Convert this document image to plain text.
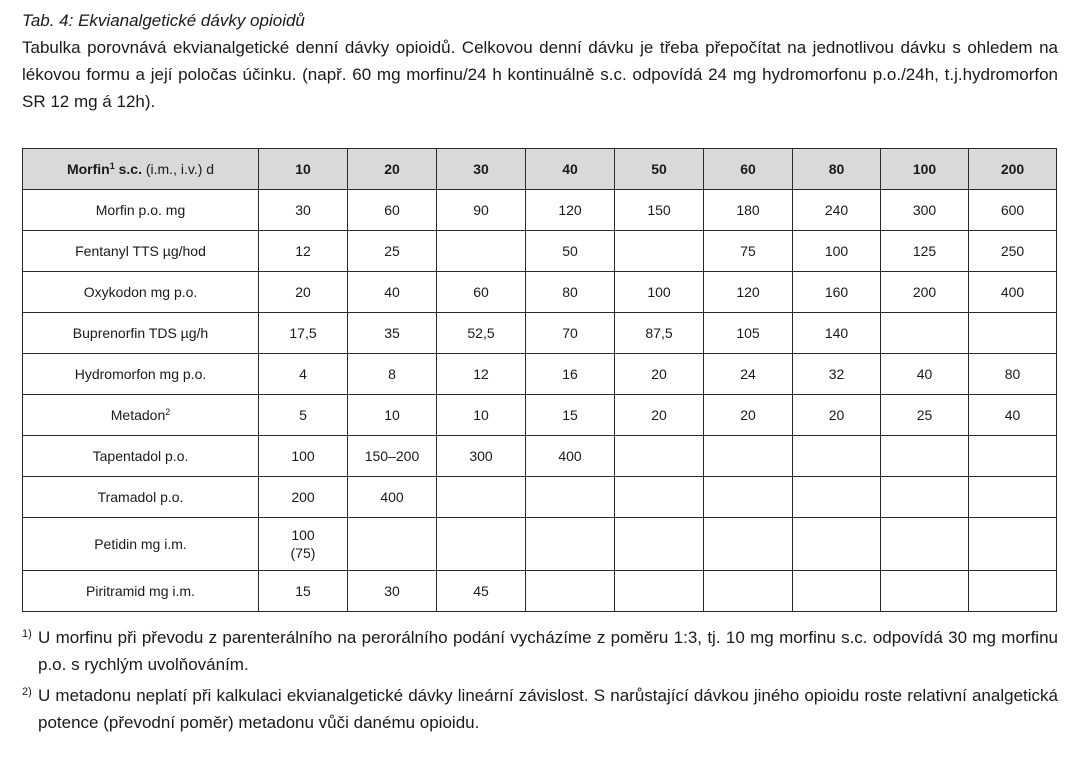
Tab. 4: Ekvianalgetické dávky opioidů

Tabulka porovnává ekvianalgetické denní dávky opioidů. Celkovou denní dávku je třeba přepočítat na jednotlivou dávku s ohledem na lékovou formu a její poločas účinku. (např. 60 mg morfinu/24 h kontinuálně s.c. odpovídá 24 mg hydromorfonu p.o./24h, t.j.hydromorfon SR 12 mg á 12h).

Morfin$^1$ s.c. (i.m., i.v.) d	10	20	30	40	50	60	80	100	200
Morfin p.o. mg	30	60	90	120	150	180	240	300	600
Fentanyl TTS µg/hod	12	25		50		75	100	125	250
Oxykodon mg p.o.	20	40	60	80	100	120	160	200	400
Buprenorfin TDS µg/h	17,5	35	52,5	70	87,5	105	140		
Hydromorfon mg p.o.	4	8	12	16	20	24	32	40	80
Metadon$^2$	5	10	10	15	20	20	20	25	40
Tapentadol p.o.	100	150–200	300	400					
Tramadol p.o.	200	400							
Petidin mg i.m.	100
(75)								
Piritramid mg i.m.	15	30	45						
1) U morfinu při převodu z parenterálního na perorálního podání vycházíme z poměru 1:3, tj. 10 mg morfinu s.c. odpovídá 30 mg morfinu p.o. s rychlým uvolňováním.
2) U metadonu neplatí při kalkulaci ekvianalgetické dávky lineární závislost. S narůstající dávkou jiného opioidu roste relativní analgetická potence (převodní poměr) metadonu vůči danému opioidu.
